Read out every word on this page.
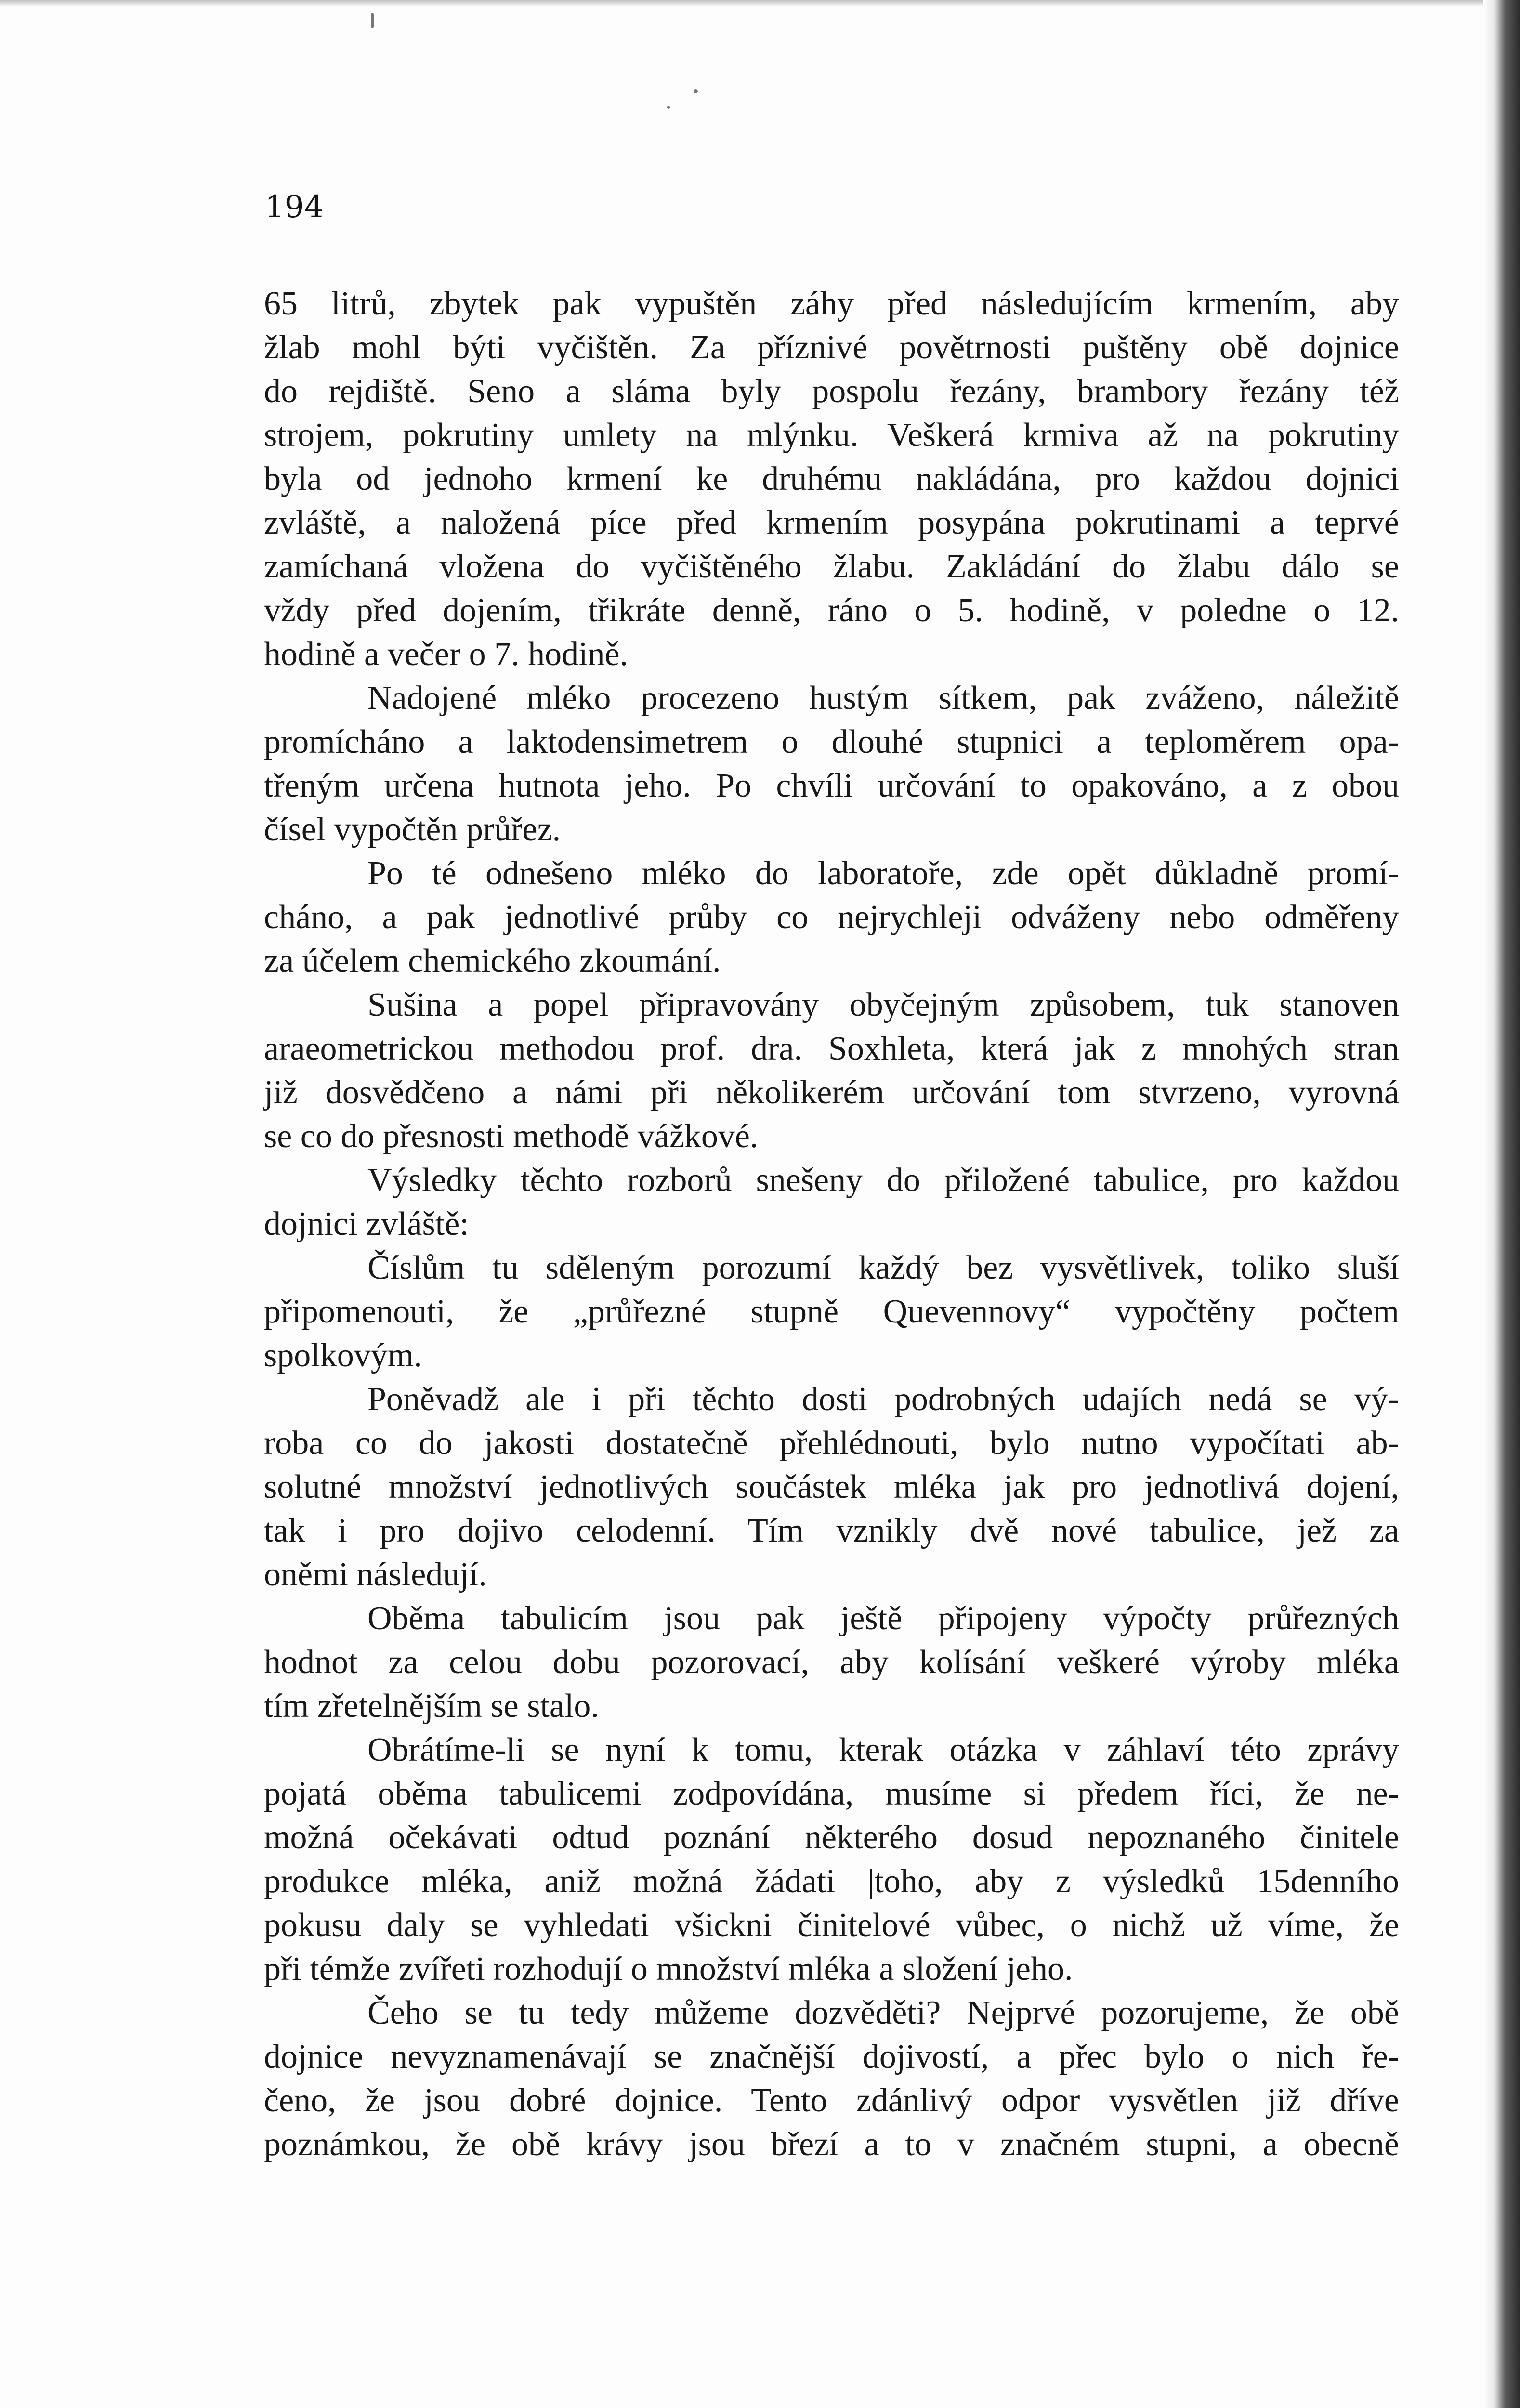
194
65 litrů, zbytek pak vypuštěn záhy před následujícím krmením, aby
žlab mohl býti vyčištěn. Za příznivé povětrnosti puštěny obě dojnice
do rejdiště. Seno a sláma byly pospolu řezány, brambory řezány též
strojem, pokrutiny umlety na mlýnku. Veškerá krmiva až na pokrutiny
byla od jednoho krmení ke druhému nakládána, pro každou dojnici
zvláště, a naložená píce před krmením posypána pokrutinami a teprvé
zamíchaná vložena do vyčištěného žlabu. Zakládání do žlabu dálo se
vždy před dojením, třikráte denně, ráno o 5. hodině, v poledne o 12.
hodině a večer o 7. hodině.
Nadojené mléko procezeno hustým sítkem, pak zváženo, náležitě
promícháno a laktodensimetrem o dlouhé stupnici a teploměrem opa-
třeným určena hutnota jeho. Po chvíli určování to opakováno, a z obou
čísel vypočtěn průřez.
Po té odnešeno mléko do laboratoře, zde opět důkladně promí-
cháno, a pak jednotlivé průby co nejrychleji odváženy nebo odměřeny
za účelem chemického zkoumání.
Sušina a popel připravovány obyčejným způsobem, tuk stanoven
araeometrickou methodou prof. dra. Soxhleta, která jak z mnohých stran
již dosvědčeno a námi při několikerém určování tom stvrzeno, vyrovná
se co do přesnosti methodě vážkové.
Výsledky těchto rozborů snešeny do přiložené tabulice, pro každou
dojnici zvláště:
Číslům tu sděleným porozumí každý bez vysvětlivek, toliko sluší
připomenouti, že „průřezné stupně Quevennovy“ vypočtěny počtem
spolkovým.
Poněvadž ale i při těchto dosti podrobných udajích nedá se vý-
roba co do jakosti dostatečně přehlédnouti, bylo nutno vypočítati ab-
solutné množství jednotlivých součástek mléka jak pro jednotlivá dojení,
tak i pro dojivo celodenní. Tím vznikly dvě nové tabulice, jež za
oněmi následují.
Oběma tabulicím jsou pak ještě připojeny výpočty průřezných
hodnot za celou dobu pozorovací, aby kolísání veškeré výroby mléka
tím zřetelnějším se stalo.
Obrátíme-li se nyní k tomu, kterak otázka v záhlaví této zprávy
pojatá oběma tabulicemi zodpovídána, musíme si předem říci, že ne-
možná očekávati odtud poznání některého dosud nepoznaného činitele
produkce mléka, aniž možná žádati |toho, aby z výsledků 15denního
pokusu daly se vyhledati všickni činitelové vůbec, o nichž už víme, že
při témže zvířeti rozhodují o množství mléka a složení jeho.
Čeho se tu tedy můžeme dozvěděti? Nejprvé pozorujeme, že obě
dojnice nevyznamenávají se značnější dojivostí, a přec bylo o nich ře-
čeno, že jsou dobré dojnice. Tento zdánlivý odpor vysvětlen již dříve
poznámkou, že obě krávy jsou březí a to v značném stupni, a obecně
